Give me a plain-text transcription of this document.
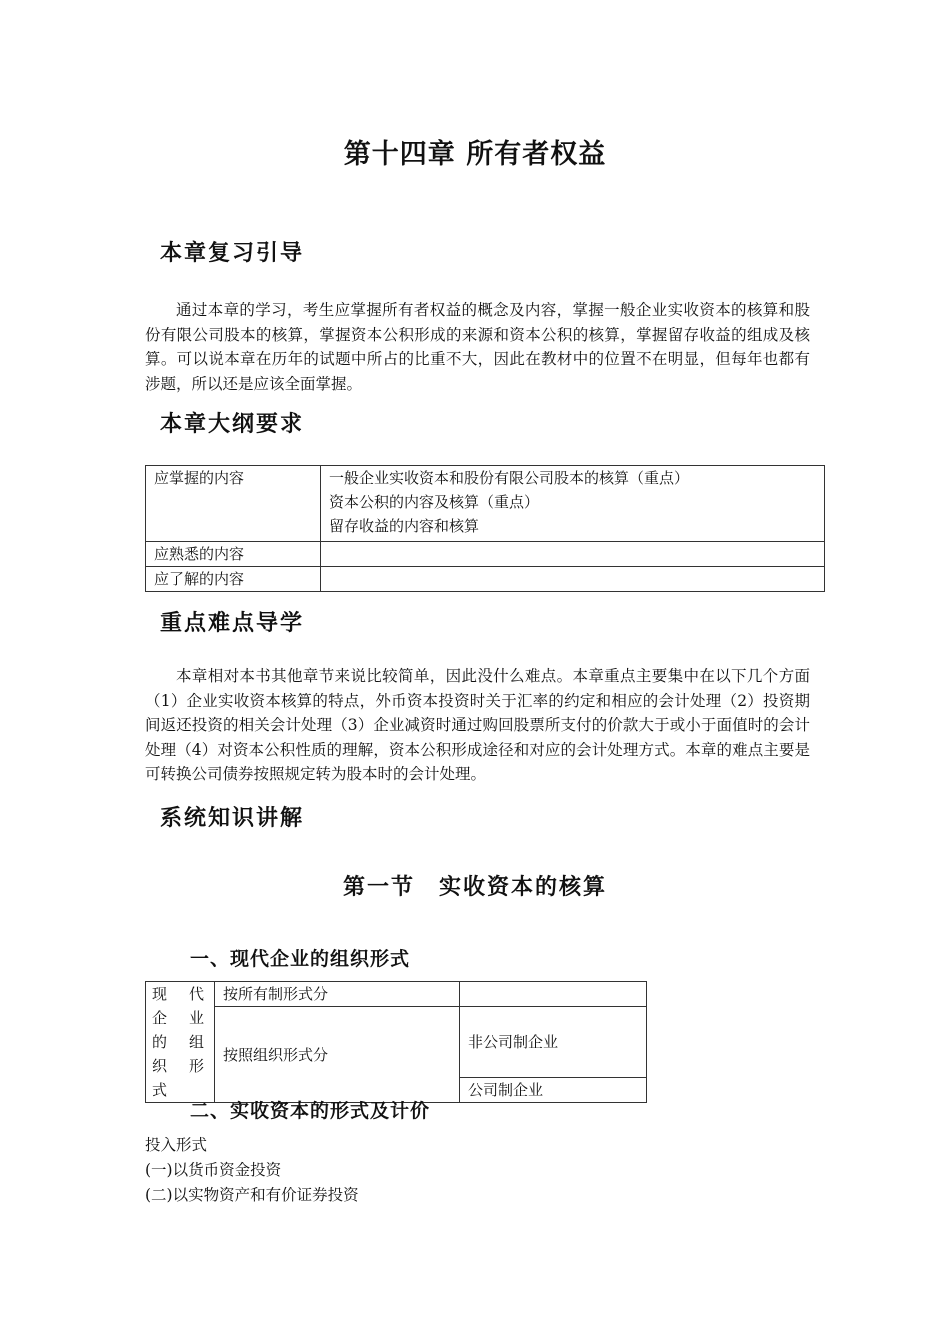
第十四章 所有者权益
本章复习引导
通过本章的学习，考生应掌握所有者权益的概念及内容，掌握一般企业实收资本的核算和股份有限公司股本的核算，掌握资本公积形成的来源和资本公积的核算，掌握留存收益的组成及核算。可以说本章在历年的试题中所占的比重不大，因此在教材中的位置不在明显，但每年也都有涉题，所以还是应该全面掌握。
本章大纲要求
应掌握的内容	一般企业实收资本和股份有限公司股本的核算（重点）
资本公积的内容及核算（重点）
留存收益的内容和核算

应熟悉的内容	
应了解的内容	
重点难点导学
本章相对本书其他章节来说比较简单，因此没什么难点。本章重点主要集中在以下几个方面（1）企业实收资本核算的特点，外币资本投资时关于汇率的约定和相应的会计处理（2）投资期间返还投资的相关会计处理（3）企业减资时通过购回股票所支付的价款大于或小于面值时的会计处理（4）对资本公积性质的理解，资本公积形成途径和对应的会计处理方式。本章的难点主要是可转换公司债券按照规定转为股本时的会计处理。
系统知识讲解
第一节　实收资本的核算
一、现代企业的组织形式
现代企业的组织形式	按所有制形式分	
	按照组织形式分	非公司制企业
		公司制企业
二、实收资本的形式及计价
投入形式
(一)以货币资金投资
(二)以实物资产和有价证券投资
